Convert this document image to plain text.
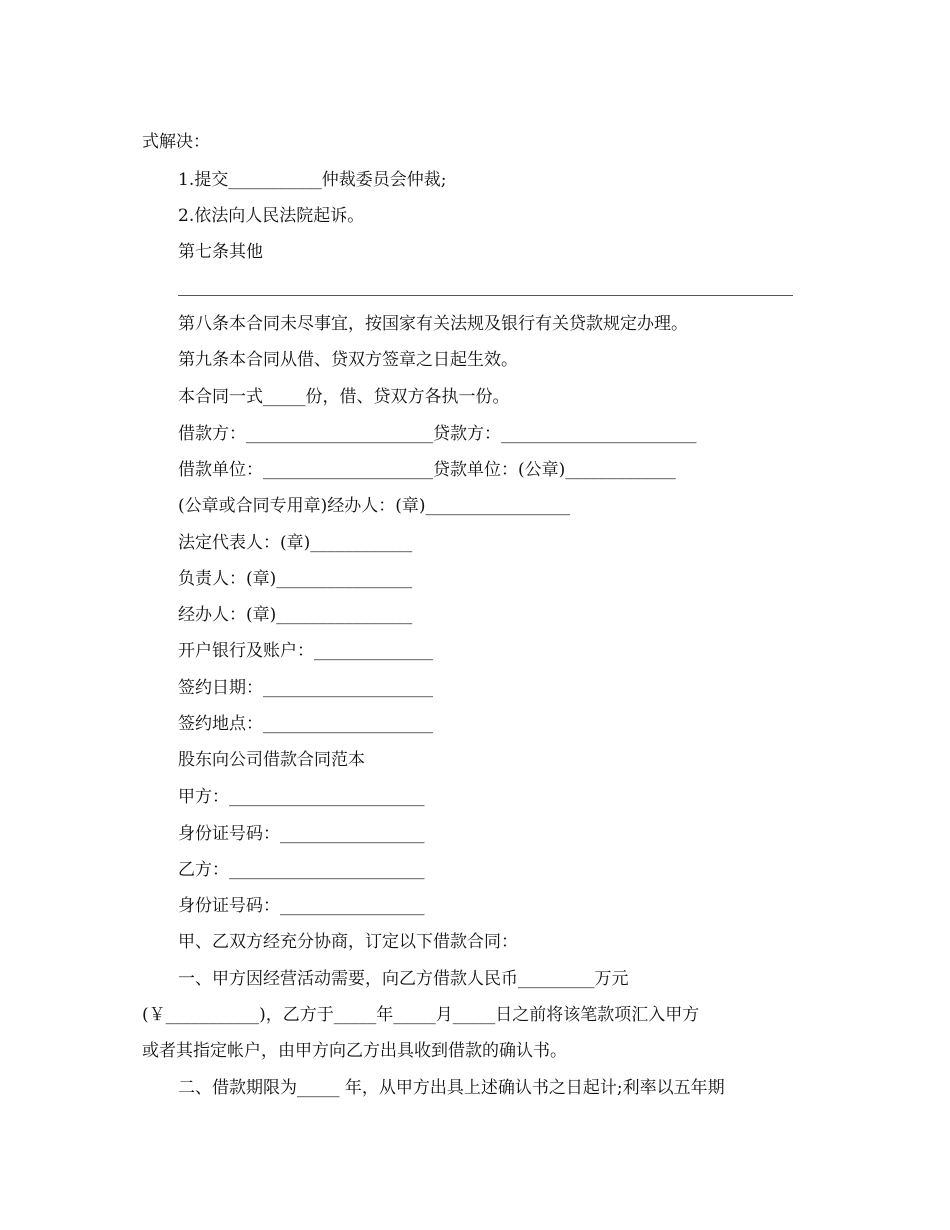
式解决：
1.提交___________仲裁委员会仲裁;
2.依法向人民法院起诉。
第七条其他
第八条本合同未尽事宜，按国家有关法规及银行有关贷款规定办理。
第九条本合同从借、贷双方签章之日起生效。
本合同一式_____份，借、贷双方各执一份。
借款方：______________________贷款方：_______________________
借款单位：____________________贷款单位：(公章)_____________
(公章或合同专用章)经办人：(章)_________________
法定代表人：(章)____________
负责人：(章)________________
经办人：(章)________________
开户银行及账户：______________
签约日期：____________________
签约地点：____________________
股东向公司借款合同范本
甲方：_______________________
身份证号码：_________________
乙方：_______________________
身份证号码：_________________
甲、乙双方经充分协商，订定以下借款合同：
一、甲方因经营活动需要，向乙方借款人民币_________万元
(￥___________)，乙方于_____年_____月_____日之前将该笔款项汇入甲方
或者其指定帐户，由甲方向乙方出具收到借款的确认书。
二、借款期限为_____ 年，从甲方出具上述确认书之日起计;利率以五年期
